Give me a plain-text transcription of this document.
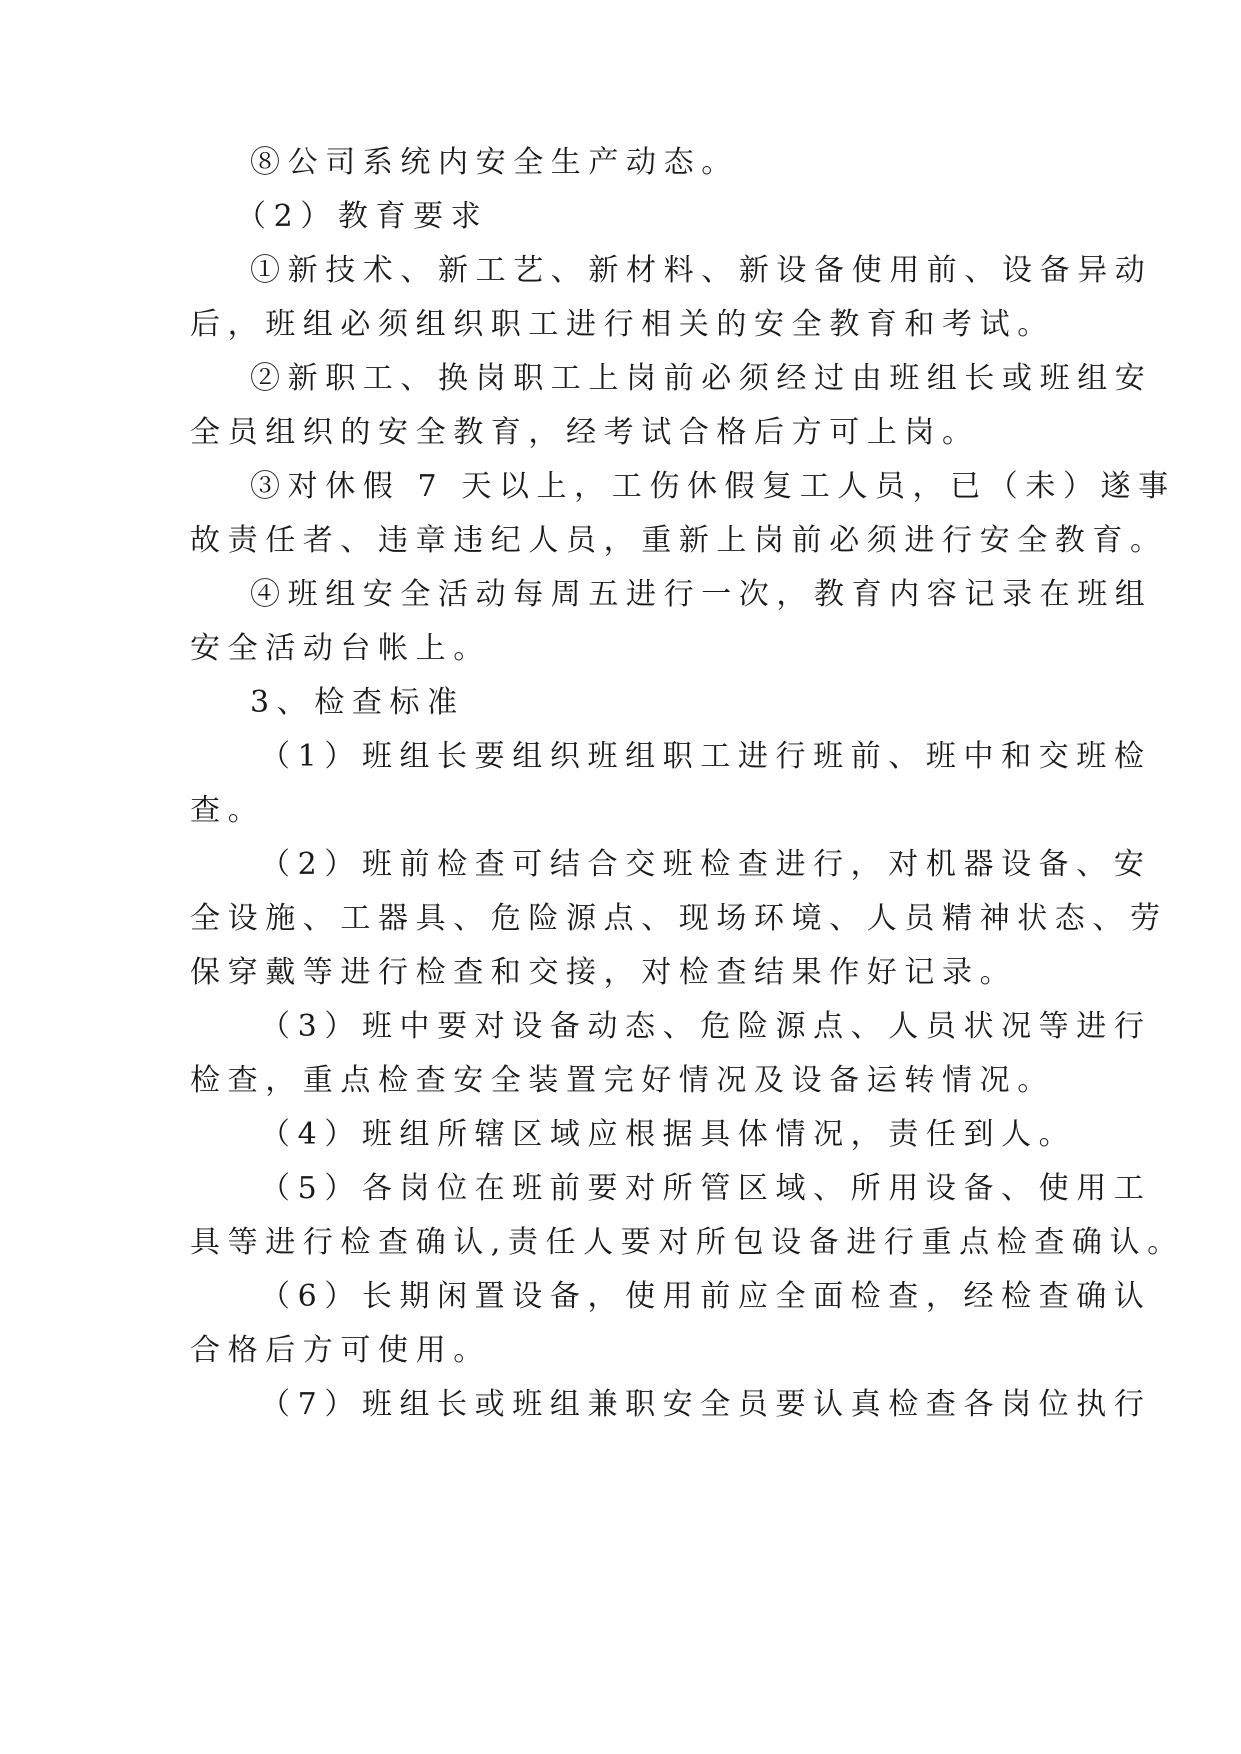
⑧公司系统内安全生产动态。
（2）教育要求
①新技术、新工艺、新材料、新设备使用前、设备异动
后，班组必须组织职工进行相关的安全教育和考试。
②新职工、换岗职工上岗前必须经过由班组长或班组安
全员组织的安全教育，经考试合格后方可上岗。
③对休假 7 天以上，工伤休假复工人员，已（未）遂事
故责任者、违章违纪人员，重新上岗前必须进行安全教育。
④班组安全活动每周五进行一次，教育内容记录在班组
安全活动台帐上。
3、检查标准
（1）班组长要组织班组职工进行班前、班中和交班检
查。
（2）班前检查可结合交班检查进行，对机器设备、安
全设施、工器具、危险源点、现场环境、人员精神状态、劳
保穿戴等进行检查和交接，对检查结果作好记录。
（3）班中要对设备动态、危险源点、人员状况等进行
检查，重点检查安全装置完好情况及设备运转情况。
（4）班组所辖区域应根据具体情况，责任到人。
（5）各岗位在班前要对所管区域、所用设备、使用工
具等进行检查确认,责任人要对所包设备进行重点检查确认。
（6）长期闲置设备，使用前应全面检查，经检查确认
合格后方可使用。
（7）班组长或班组兼职安全员要认真检查各岗位执行
